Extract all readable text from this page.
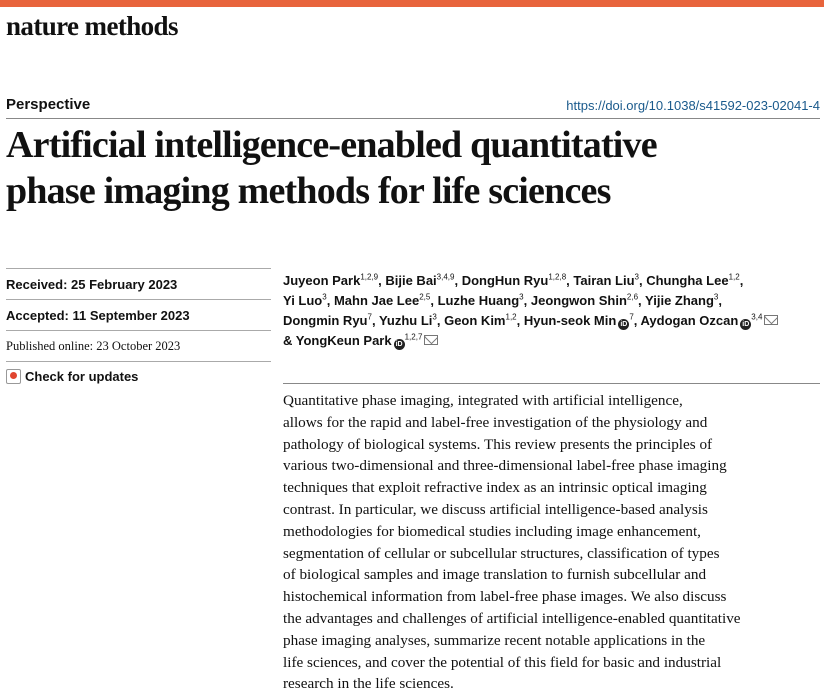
nature methods
Perspective	https://doi.org/10.1038/s41592-023-02041-4
Artificial intelligence-enabled quantitative
phase imaging methods for life sciences
Received: 25 February 2023
Accepted: 11 September 2023
Published online: 23 October 2023
Check for updates
Juyeon Park$^{1,2,9}$, Bijie Bai$^{3,4,9}$, DongHun Ryu$^{1,2,8}$, Tairan Liu$^3$, Chungha Lee$^{1,2}$,
Yi Luo$^3$, Mahn Jae Lee$^{2,5}$, Luzhe Huang$^3$, Jeongwon Shin$^{2,6}$, Yijie Zhang$^3$,
Dongmin Ryu$^7$, Yuzhu Li$^3$, Geon Kim$^{1,2}$, Hyun-seok Min $iD^7$, Aydogan Ozcan iD$^{3,4}$
& YongKeun Park iD$^{1,2,7}$
Quantitative phase imaging, integrated with artificial intelligence,
allows for the rapid and label-free investigation of the physiology and
pathology of biological systems. This review presents the principles of
various two-dimensional and three-dimensional label-free phase imaging
techniques that exploit refractive index as an intrinsic optical imaging
contrast. In particular, we discuss artificial intelligence-based analysis
methodologies for biomedical studies including image enhancement,
segmentation of cellular or subcellular structures, classification of types
of biological samples and image translation to furnish subcellular and
histochemical information from label-free phase images. We also discuss
the advantages and challenges of artificial intelligence-enabled quantitative
phase imaging analyses, summarize recent notable applications in the
life sciences, and cover the potential of this field for basic and industrial
research in the life sciences.
